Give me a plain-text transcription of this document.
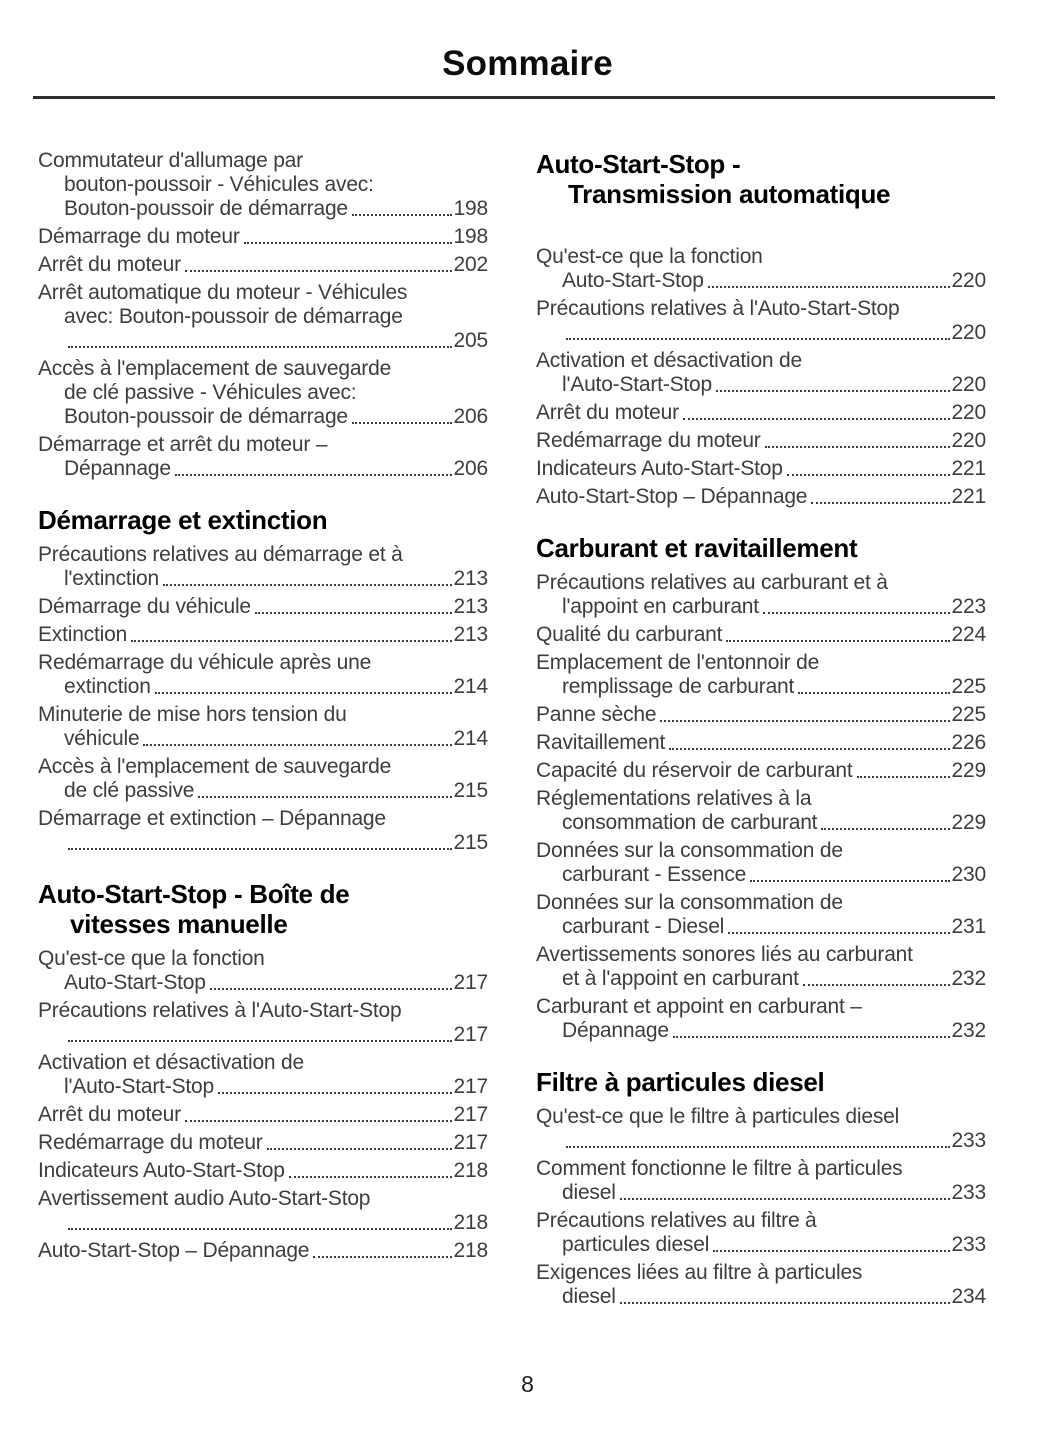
Sommaire
Commutateur d'allumage par
bouton-poussoir - Véhicules avec:
Bouton-poussoir de démarrage	198
Démarrage du moteur	198
Arrêt du moteur	202
Arrêt automatique du moteur - Véhicules
avec: Bouton-poussoir de démarrage
205
Accès à l'emplacement de sauvegarde
de clé passive - Véhicules avec:
Bouton-poussoir de démarrage	206
Démarrage et arrêt du moteur –
Dépannage	206
Démarrage et extinction
Précautions relatives au démarrage et à
l'extinction	213
Démarrage du véhicule	213
Extinction	213
Redémarrage du véhicule après une
extinction	214
Minuterie de mise hors tension du
véhicule	214
Accès à l'emplacement de sauvegarde
de clé passive	215
Démarrage et extinction – Dépannage
215
Auto-Start-Stop - Boîte de
vitesses manuelle
Qu'est-ce que la fonction
Auto-Start-Stop	217
Précautions relatives à l'Auto-Start-Stop
217
Activation et désactivation de
l'Auto-Start-Stop	217
Arrêt du moteur	217
Redémarrage du moteur	217
Indicateurs Auto-Start-Stop	218
Avertissement audio Auto-Start-Stop
218
Auto-Start-Stop – Dépannage	218
Auto-Start-Stop -
Transmission automatique
Qu'est-ce que la fonction
Auto-Start-Stop	220
Précautions relatives à l'Auto-Start-Stop
220
Activation et désactivation de
l'Auto-Start-Stop	220
Arrêt du moteur	220
Redémarrage du moteur	220
Indicateurs Auto-Start-Stop	221
Auto-Start-Stop – Dépannage	221
Carburant et ravitaillement
Précautions relatives au carburant et à
l'appoint en carburant	223
Qualité du carburant	224
Emplacement de l'entonnoir de
remplissage de carburant	225
Panne sèche	225
Ravitaillement	226
Capacité du réservoir de carburant	229
Réglementations relatives à la
consommation de carburant	229
Données sur la consommation de
carburant - Essence	230
Données sur la consommation de
carburant - Diesel	231
Avertissements sonores liés au carburant
et à l'appoint en carburant	232
Carburant et appoint en carburant –
Dépannage	232
Filtre à particules diesel
Qu'est-ce que le filtre à particules diesel
233
Comment fonctionne le filtre à particules
diesel	233
Précautions relatives au filtre à
particules diesel	233
Exigences liées au filtre à particules
diesel	234
8
